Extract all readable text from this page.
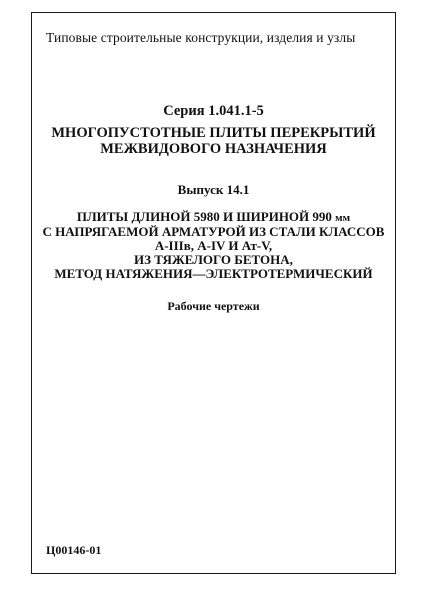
Типовые строительные конструкции, изделия и узлы
Серия 1.041.1-5
МНОГОПУСТОТНЫЕ ПЛИТЫ ПЕРЕКРЫТИЙ
МЕЖВИДОВОГО НАЗНАЧЕНИЯ
Выпуск 14.1
ПЛИТЫ ДЛИНОЙ 5980 И ШИРИНОЙ 990 мм
С НАПРЯГАЕМОЙ АРМАТУРОЙ ИЗ СТАЛИ КЛАССОВ
А-IIIв, А-IV И Ат-V,
ИЗ ТЯЖЕЛОГО БЕТОНА,
МЕТОД НАТЯЖЕНИЯ—ЭЛЕКТРОТЕРМИЧЕСКИЙ
Рабочие чертежи
Ц00146-01
